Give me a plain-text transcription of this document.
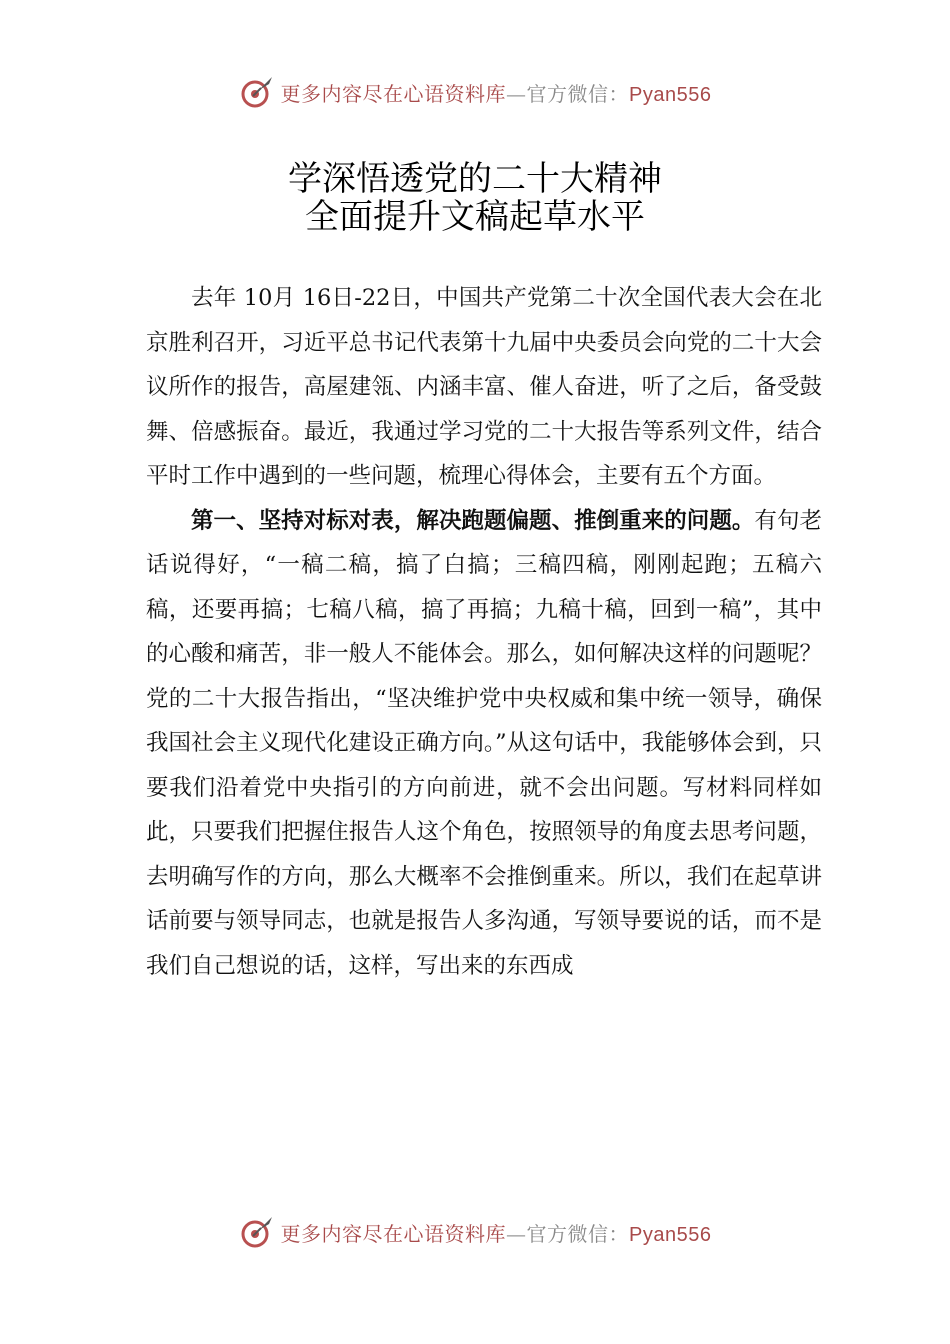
更多内容尽在心语资料库—官方微信：Pyan556
学深悟透党的二十大精神
全面提升文稿起草水平

去年 10月 16日-22日，中国共产党第二十次全国代表大会在北京胜利召开，习近平总书记代表第十九届中央委员会向党的二十大会议所作的报告，高屋建瓴、内涵丰富、催人奋进，听了之后，备受鼓舞、倍感振奋。最近，我通过学习党的二十大报告等系列文件，结合平时工作中遇到的一些问题，梳理心得体会，主要有五个方面。

第一、坚持对标对表，解决跑题偏题、推倒重来的问题。有句老话说得好，“一稿二稿，搞了白搞；三稿四稿，刚刚起跑；五稿六稿，还要再搞；七稿八稿，搞了再搞；九稿十稿，回到一稿”，其中的心酸和痛苦，非一般人不能体会。那么，如何解决这样的问题呢？党的二十大报告指出，“坚决维护党中央权威和集中统一领导，确保我国社会主义现代化建设正确方向。”从这句话中，我能够体会到，只要我们沿着党中央指引的方向前进，就不会出问题。写材料同样如此，只要我们把握住报告人这个角色，按照领导的角度去思考问题，去明确写作的方向，那么大概率不会推倒重来。所以，我们在起草讲话前要与领导同志，也就是报告人多沟通，写领导要说的话，而不是我们自己想说的话，这样，写出来的东西成

更多内容尽在心语资料库—官方微信：Pyan556
